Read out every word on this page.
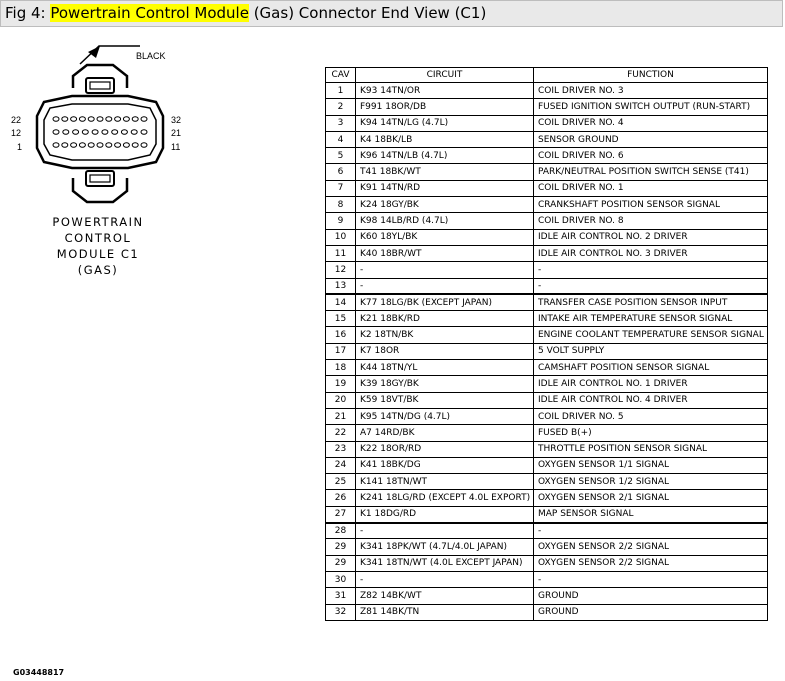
Fig 4: Powertrain Control Module (Gas) Connector End View (C1)
BLACK
22
12
1
32
21
11
POWERTRAIN
CONTROL
MODULE C1
(GAS)
CAV	CIRCUIT	FUNCTION
1	K93 14TN/OR	COIL DRIVER NO. 3
2	F991 18OR/DB	FUSED IGNITION SWITCH OUTPUT (RUN-START)
3	K94 14TN/LG (4.7L)	COIL DRIVER NO. 4
4	K4 18BK/LB	SENSOR GROUND
5	K96 14TN/LB (4.7L)	COIL DRIVER NO. 6
6	T41 18BK/WT	PARK/NEUTRAL POSITION SWITCH SENSE (T41)
7	K91 14TN/RD	COIL DRIVER NO. 1
8	K24 18GY/BK	CRANKSHAFT POSITION SENSOR SIGNAL
9	K98 14LB/RD (4.7L)	COIL DRIVER NO. 8
10	K60 18YL/BK	IDLE AIR CONTROL NO. 2 DRIVER
11	K40 18BR/WT	IDLE AIR CONTROL NO. 3 DRIVER
12	-	-
13	-	-
14	K77 18LG/BK (EXCEPT JAPAN)	TRANSFER CASE POSITION SENSOR INPUT
15	K21 18BK/RD	INTAKE AIR TEMPERATURE SENSOR SIGNAL
16	K2 18TN/BK	ENGINE COOLANT TEMPERATURE SENSOR SIGNAL
17	K7 18OR	5 VOLT SUPPLY
18	K44 18TN/YL	CAMSHAFT POSITION SENSOR SIGNAL
19	K39 18GY/BK	IDLE AIR CONTROL NO. 1 DRIVER
20	K59 18VT/BK	IDLE AIR CONTROL NO. 4 DRIVER
21	K95 14TN/DG (4.7L)	COIL DRIVER NO. 5
22	A7 14RD/BK	FUSED B(+)
23	K22 18OR/RD	THROTTLE POSITION SENSOR SIGNAL
24	K41 18BK/DG	OXYGEN SENSOR 1/1 SIGNAL
25	K141 18TN/WT	OXYGEN SENSOR 1/2 SIGNAL
26	K241 18LG/RD (EXCEPT 4.0L EXPORT)	OXYGEN SENSOR 2/1 SIGNAL
27	K1 18DG/RD	MAP SENSOR SIGNAL
28	-	-
29	K341 18PK/WT (4.7L/4.0L JAPAN)	OXYGEN SENSOR 2/2 SIGNAL
29	K341 18TN/WT (4.0L EXCEPT JAPAN)	OXYGEN SENSOR 2/2 SIGNAL
30	-	-
31	Z82 14BK/WT	GROUND
32	Z81 14BK/TN	GROUND
G03448817
